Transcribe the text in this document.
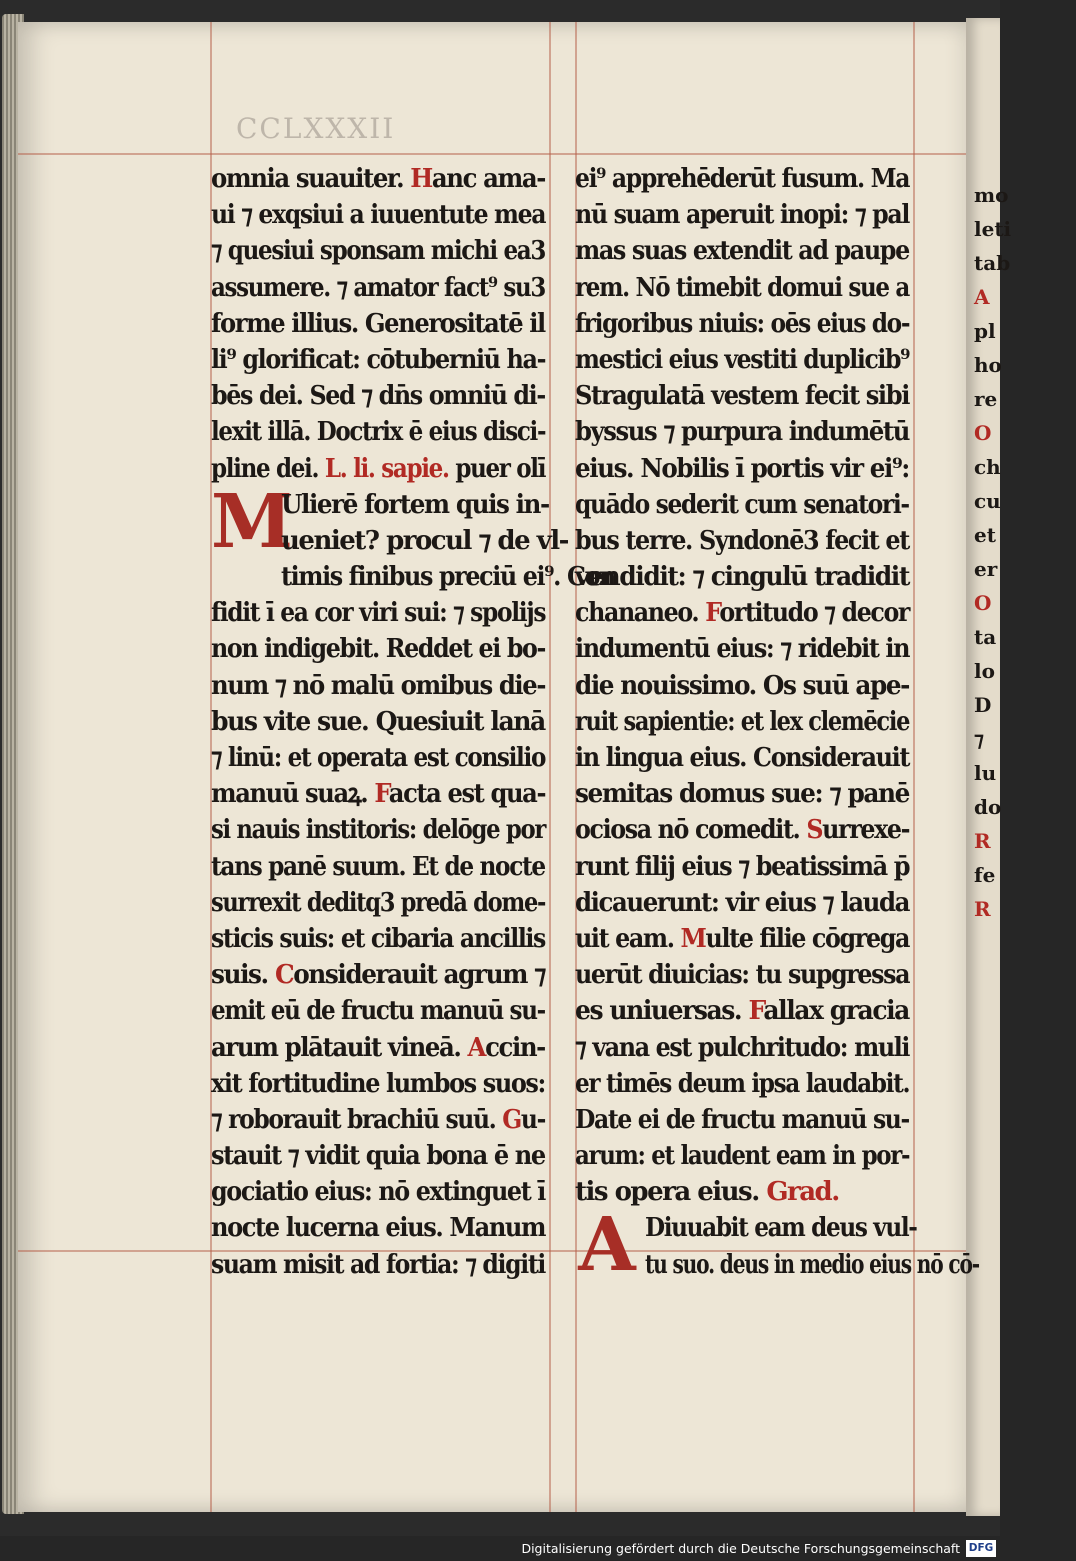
CCLXXXII
omnia suauiter. Hanc ama-
ui ⁊ exqsiui a iuuentute mea
⁊ quesiui sponsam michi ea3
assumere. ⁊ amator fact⁹ su3
forme illius. Generositatē il
li⁹ glorificat: cōtuberniū ha-
bēs dei. Sed ⁊ dn̄s omniū di-
lexit illā. Doctrix ē eius disci-
pline dei. L. li. sapie. puer olī
M
Ulierē fortem quis in-
ueniet? procul ⁊ de vl-
timis finibus preciū ei⁹. Con
fidit ī ea cor viri sui: ⁊ spolijs
non indigebit. Reddet ei bo-
num ⁊ nō malū omibus die-
bus vite sue. Quesiuit lanā
⁊ linū: et operata est consilio
manuū suaꝝ. Facta est qua-
si nauis institoris: delōge por
tans panē suum. Et de nocte
surrexit deditq3 predā dome-
sticis suis: et cibaria ancillis
suis. Considerauit agrum ⁊
emit eū de fructu manuū su-
arum plātauit vineā. Accin-
xit fortitudine lumbos suos:
⁊ roborauit brachiū suū. Gu-
stauit ⁊ vidit quia bona ē ne
gociatio eius: nō extinguet ī
nocte lucerna eius. Manum
suam misit ad fortia: ⁊ digiti
ei⁹ apprehēderūt fusum. Ma
nū suam aperuit inopi: ⁊ pal
mas suas extendit ad paupe
rem. Nō timebit domui sue a
frigoribus niuis: oēs eius do-
mestici eius vestiti duplicib⁹
Stragulatā vestem fecit sibi
byssus ⁊ purpura indumētū
eius. Nobilis ī portis vir ei⁹:
quādo sederit cum senatori-
bus terre. Syndonē3 fecit et
vendidit: ⁊ cingulū tradidit
chananeo. Fortitudo ⁊ decor
indumentū eius: ⁊ ridebit in
die nouissimo. Os suū ape-
ruit sapientie: et lex clemēcie
in lingua eius. Considerauit
semitas domus sue: ⁊ panē
ociosa nō comedit. Surrexe-
runt filij eius ⁊ beatissimā p̄
dicauerunt: vir eius ⁊ lauda
uit eam. Multe filie cōgrega
uerūt diuicias: tu supgressa
es uniuersas. Fallax gracia
⁊ vana est pulchritudo: muli
er timēs deum ipsa laudabit.
Date ei de fructu manuū su-
arum: et laudent eam in por-
tis opera eius. Grad.
A Diuuabit eam deus vul-
tu suo. deus in medio eius nō cō-
mo
leti
tab
A
pl
ho
re
O
ch
cu
et
er
O
ta
lo
D
⁊
lu
do
R
fe
R
Digitalisierung gefördert durch die Deutsche Forschungsgemeinschaft DFG
